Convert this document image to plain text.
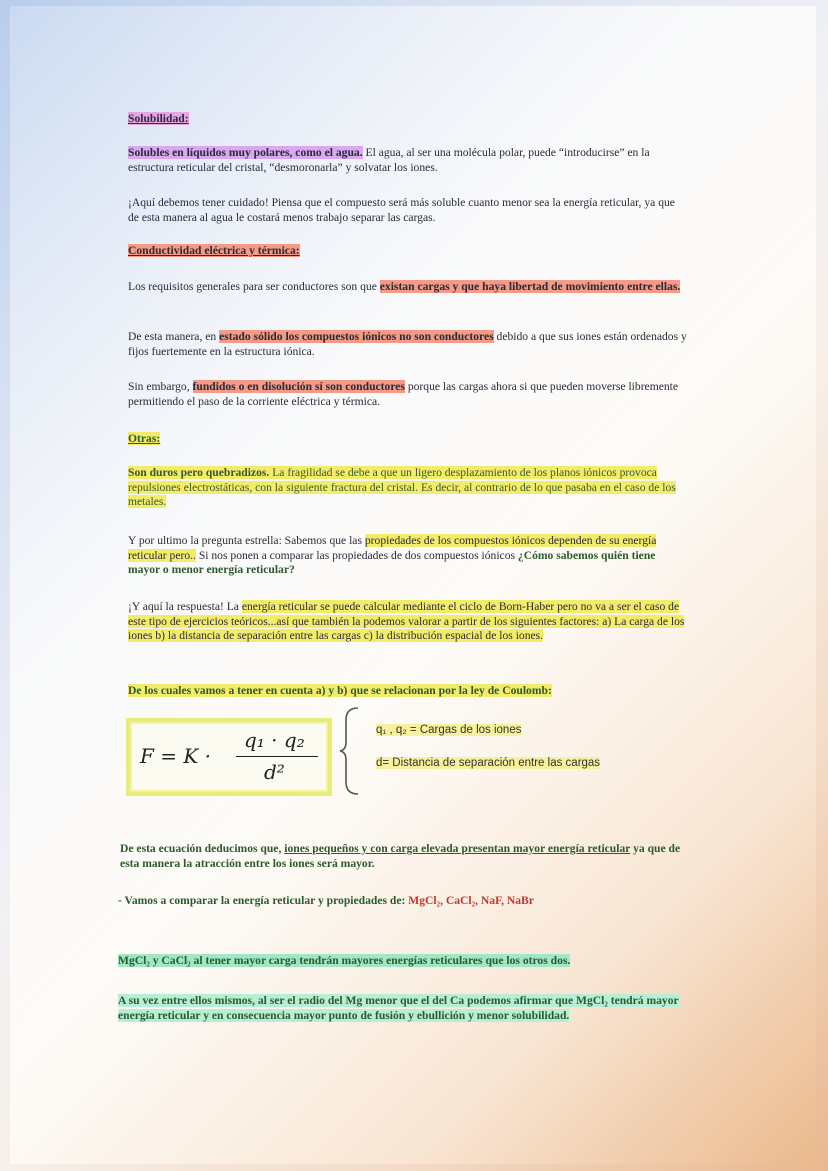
Solubilidad:
Solubles en líquidos muy polares, como el agua. El agua, al ser una molécula polar, puede “introducirse” en la estructura reticular del cristal, “desmoronarla” y solvatar los iones.
¡Aquí debemos tener cuidado! Piensa que el compuesto será más soluble cuanto menor sea la energía reticular, ya que de esta manera al agua le costará menos trabajo separar las cargas.
Conductividad eléctrica y térmica:
Los requisitos generales para ser conductores son que existan cargas y que haya libertad de movimiento entre ellas.
De esta manera, en estado sólido los compuestos iónicos no son conductores debido a que sus iones están ordenados y fijos fuertemente en la estructura iónica.
Sin embargo, fundidos o en disolución sí son conductores porque las cargas ahora si que pueden moverse libremente permitiendo el paso de la corriente eléctrica y térmica.
Otras:
Son duros pero quebradizos. La fragilidad se debe a que un ligero desplazamiento de los planos iónicos provoca repulsiones electrostáticas, con la siguiente fractura del cristal. Es decir, al contrario de lo que pasaba en el caso de los metales.
Y por ultimo la pregunta estrella: Sabemos que las propiedades de los compuestos iónicos dependen de su energía reticular pero.. Si nos ponen a comparar las propiedades de dos compuestos iónicos ¿Cómo sabemos quién tiene mayor o menor energía reticular?
¡Y aquí la respuesta! La energía reticular se puede calcular mediante el ciclo de Born-Haber pero no va a ser el caso de este tipo de ejercicios teóricos...así que también la podemos valorar a partir de los siguientes factores: a) La carga de los iones b) la distancia de separación entre las cargas c) la distribución espacial de los iones.
De los cuales vamos a tener en cuenta a) y b) que se relacionan por la ley de Coulomb:
F = K ·
q₁ · q₂
d²
q₁ , q₂ = Cargas de los iones
d= Distancia de separación entre las cargas
De esta ecuación deducimos que, iones pequeños y con carga elevada presentan mayor energía reticular ya que de esta manera la atracción entre los iones será mayor.
- Vamos a comparar la energía reticular y propiedades de: MgCl₂, CaCl₂, NaF, NaBr
MgCl₂ y CaCl₂ al tener mayor carga tendrán mayores energías reticulares que los otros dos.
A su vez entre ellos mismos, al ser el radio del Mg menor que el del Ca podemos afirmar que MgCl₂ tendrá mayor energía reticular y en consecuencia mayor punto de fusión y ebullición y menor solubilidad.
